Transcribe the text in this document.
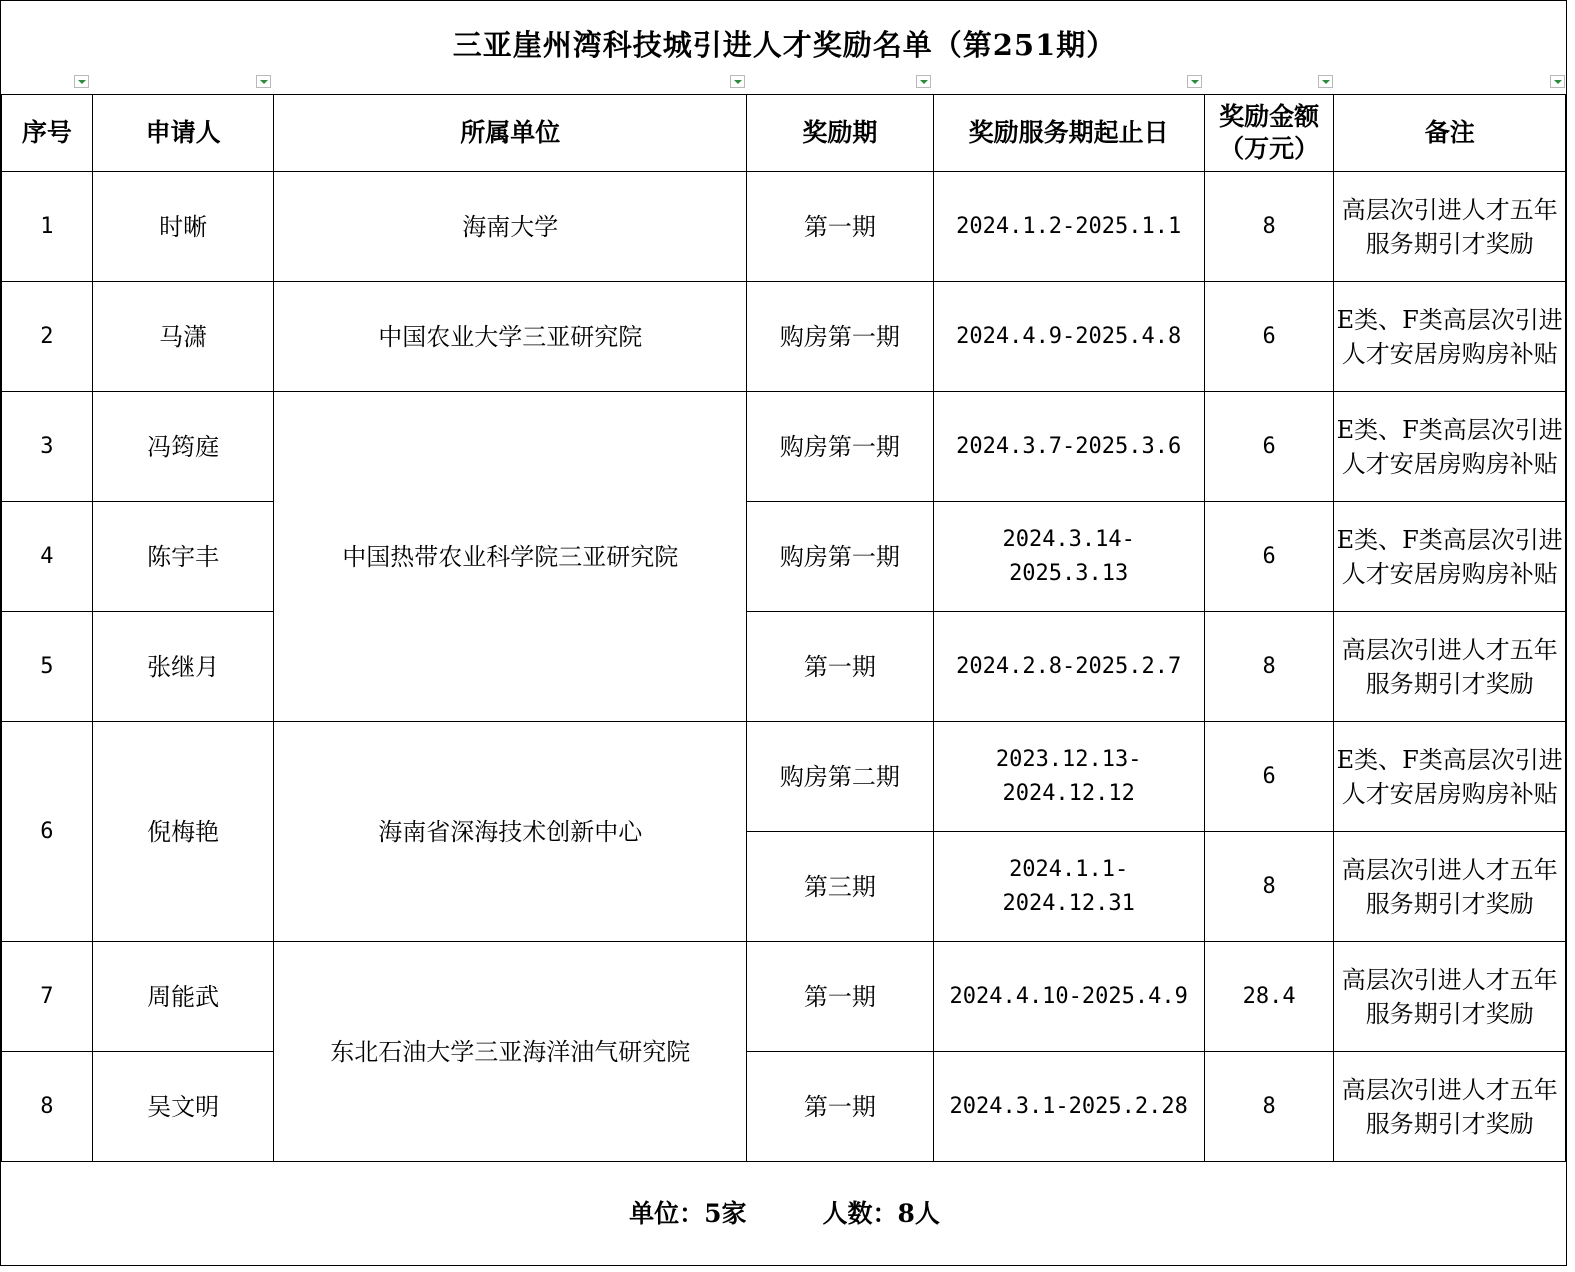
三亚崖州湾科技城引进人才奖励名单（第251期）
序号	申请人	所属单位	奖励期	奖励服务期起止日	奖励金额（万元）	备注
1	时晰	海南大学	第一期	2024.1.2-2025.1.1	8	高层次引进人才五年服务期引才奖励
2	马潇	中国农业大学三亚研究院	购房第一期	2024.4.9-2025.4.8	6	E类、F类高层次引进人才安居房购房补贴
3	冯筠庭	中国热带农业科学院三亚研究院	购房第一期	2024.3.7-2025.3.6	6	E类、F类高层次引进人才安居房购房补贴
4	陈宇丰		购房第一期	2024.3.14-2025.3.13	6	E类、F类高层次引进人才安居房购房补贴
5	张继月		第一期	2024.2.8-2025.2.7	8	高层次引进人才五年服务期引才奖励
6	倪梅艳	海南省深海技术创新中心	购房第二期	2023.12.13-2024.12.12	6	E类、F类高层次引进人才安居房购房补贴
			第三期	2024.1.1-2024.12.31	8	高层次引进人才五年服务期引才奖励
7	周能武	东北石油大学三亚海洋油气研究院	第一期	2024.4.10-2025.4.9	28.4	高层次引进人才五年服务期引才奖励
8	吴文明		第一期	2024.3.1-2025.2.28	8	高层次引进人才五年服务期引才奖励
单位：5家	人数：8人
